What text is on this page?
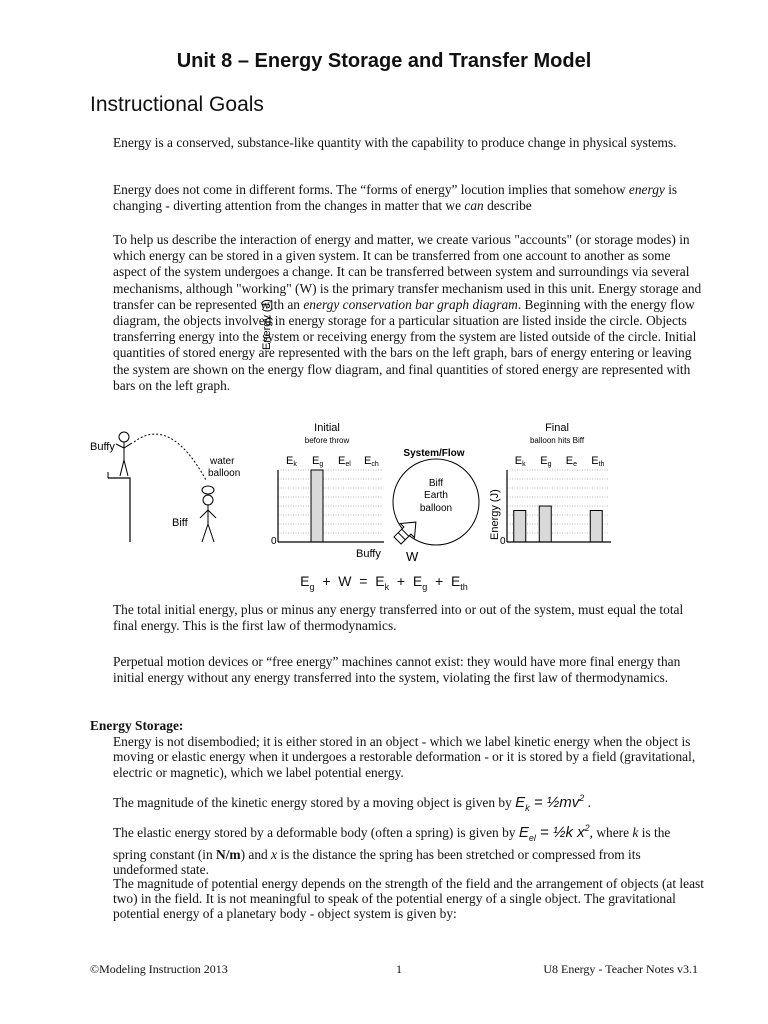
Unit 8 – Energy Storage and Transfer Model
Instructional Goals

Energy is a conserved, substance-like quantity with the capability to produce change in physical systems.

Energy does not come in different forms. The “forms of energy” locution implies that somehow energy is changing - diverting attention from the changes in matter that we can describe

To help us describe the interaction of energy and matter, we create various "accounts" (or storage modes) in which energy can be stored in a given system. It can be transferred from one account to another as some aspect of the system undergoes a change. It can be transferred between system and surroundings via several mechanisms, although "working" (W) is the primary transfer mechanism used in this unit. Energy storage and transfer can be represented with an energy conservation bar graph diagram. Beginning with the energy flow diagram, the objects involved in energy storage for a particular situation are listed inside the circle. Objects transferring energy into the system or receiving energy from the system are listed outside of the circle. Initial quantities of stored energy are represented with the bars on the left graph, bars of energy entering or leaving the system are shown on the energy flow diagram, and final quantities of stored energy are represented with bars on the left graph.

Buffy
water
balloon
Biff
Initial
before throw
Ek Eg Eel Ech
Energy (J)
0
System/Flow
Biff
Earth
balloon
Buffy W
Final
balloon hits Biff
Ek Eg Ee Eth
Energy (J)
0
$E_g + W = E_k + E_g + E_{th}$

The total initial energy, plus or minus any energy transferred into or out of the system, must equal the total final energy. This is the first law of thermodynamics.

Perpetual motion devices or “free energy” machines cannot exist: they would have more final energy than initial energy without any energy transferred into the system, violating the first law of thermodynamics.

Energy Storage:

Energy is not disembodied; it is either stored in an object - which we label kinetic energy when the object is moving or elastic energy when it undergoes a restorable deformation - or it is stored by a field (gravitational, electric or magnetic), which we label potential energy.

The magnitude of the kinetic energy stored by a moving object is given by $E_k$ = $\frac{1}{2}mv^2$ .

The elastic energy stored by a deformable body (often a spring) is given by $E_{el}$ = ½k $x^2$, where k is the spring constant (in N/m) and x is the distance the spring has been stretched or compressed from its undeformed state.

The magnitude of potential energy depends on the strength of the field and the arrangement of objects (at least two) in the field. It is not meaningful to speak of the potential energy of a single object. The gravitational potential energy of a planetary body - object system is given by:

©Modeling Instruction 2013	1	U8 Energy - Teacher Notes v3.1
